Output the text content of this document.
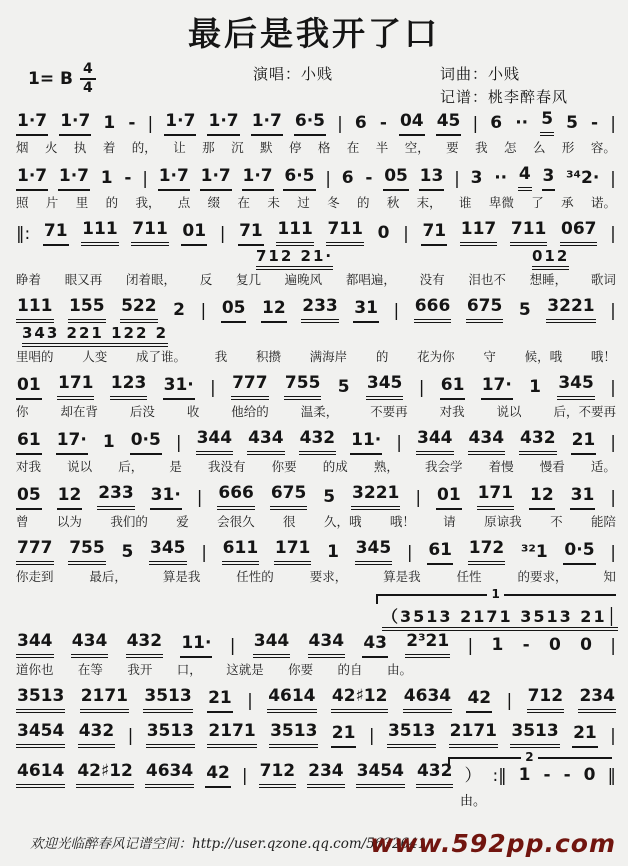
最后是我开了口
1= B $\frac{4}{4}$	演唱：小贱	词曲：小贱
记谱：桃李醉春风
1·7 1·7 1 - | 1·7 1·7 1·7 6·5 | 6 - 04 45 | 6 ·· 5 5 - |
烟 火 执 着 的， 让 那 沉 默 停 格 在 半 空， 要 我 怎 么 形 容。
1·7 1·7 1 - | 1·7 1·7 1·7 6·5 | 6 - 05 13 | 3 ·· 4 3 ³⁴2· |
照 片 里 的 我， 点 缀 在 未 过 冬 的 秋 末， 谁 卑微 了 承 诺。
‖: 71 111 711 01 | 71 111 711 0 | 71 117 711 067 |
712 21·	012
睁着 眼又再 闭着眼， 反 复几 遍晚风 都唱遍， 没有 泪也不 想睡， 歌词
111 155 522 2 | 05 12 233 31 | 666 675 5 3221 |
343 221 122 2
里唱的 人变 成了谁。 我 积攒 满海岸 的 花为你 守 候，哦 哦！
01 171 123 31· | 777 755 5 345 | 61 17· 1 345 |
你	却在背	后没	收	他给的	温柔，	不要再	对我	说以	后，不要再
61 17· 1 0·5 | 344 434 432 11· | 344 434 432 21 |
对我 说以 后， 是 我没有 你要 的成 熟， 我会学 着慢 慢看 适。
05 12 233 31· | 666 675 5 3221 | 01 171 12 31 |
曾 以为 我们的 爱 会很久 很 久，哦 哦！ 请 原谅我 不 能陪
777 755 5 345 | 611 171 1 345 | 61 172 ³²1 0·5 |
你走到	最后，	算是我	任性的	要求，	算是我	任性	的要求，	知
1
（3513 2171 3513 21│
344 434 432 11· | 344 434 43 2³21 | 1 - 0 0 |
道你也 在等 我开 口， 这就是 你要 的自 由。
3513 2171 3513 21 | 4614 42♯12 4634 42 | 712 234
3454 432 | 3513 2171 3513 21 | 3513 2171 3513 21 |
2
4614 42♯12 4634 42 | 712 234 3454 432 ） :‖ 1 - - 0 ‖
由。
欢迎光临醉春风记谱空间：http://user.qzone.qq.com/5632641
www.592pp.com
